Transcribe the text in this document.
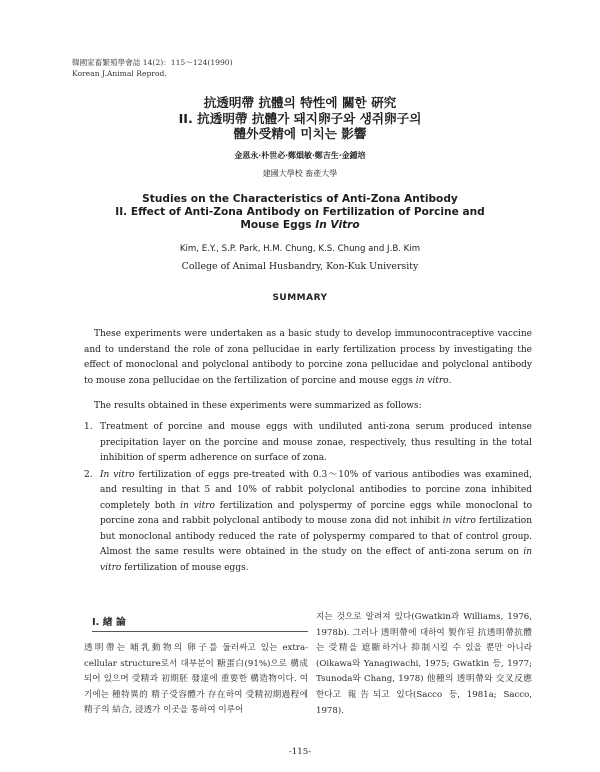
韓國家畜繁殖學會誌 14(2)：115～124(1990)
Korean J.Animal Reprod.
抗透明帶 抗體의 特性에 關한 硏究
II. 抗透明帶 抗體가 돼지卵子와 생쥐卵子의
體外受精에 미치는 影響
金恩永·朴世必·鄭熉敏·鄭吉生·金鍾培
建國大學校 畜產大學
Studies on the Characteristics of Anti-Zona Antibody
II. Effect of Anti-Zona Antibody on Fertilization of Porcine and
Mouse Eggs In Vitro
Kim, E.Y., S.P. Park, H.M. Chung, K.S. Chung and J.B. Kim
College of Animal Husbandry, Kon-Kuk University
SUMMARY

These experiments were undertaken as a basic study to develop immunocontraceptive vaccine and to understand the role of zona pellucidae in early fertilization process by investigating the effect of monoclonal and polyclonal antibody to porcine zona pellucidae and polyclonal antibody to mouse zona pellucidae on the fertilization of porcine and mouse eggs in vitro.

The results obtained in these experiments were summarized as follows:

1. Treatment of porcine and mouse eggs with undiluted anti-zona serum produced intense precipitation layer on the porcine and mouse zonae, respectively, thus resulting in the total inhibition of sperm adherence on surface of zona.
2. In vitro fertilization of eggs pre-treated with 0.3～10% of various antibodies was examined, and resulting in that 5 and 10% of rabbit polyclonal antibodies to porcine zona inhibited completely both in vitro fertilization and polyspermy of porcine eggs while monoclonal to porcine zona and rabbit polyclonal antibody to mouse zona did not inhibit in vitro fertilization but monoclonal antibody reduced the rate of polyspermy compared to that of control group. Almost the same results were obtained in the study on the effect of anti-zona serum on in vitro fertilization of mouse eggs.
I. 緖 論
透明帶는 哺乳動物의 卵子를 둘러싸고 있는 extra-cellular structure로서 대부분이 糖蛋白(91%)으로 構成되어 있으며 受精과 初期胚 發達에 重要한 構造物이다. 여기에는 種特異的 精子受容體가 存在하여 受精初期過程에 精子의 結合, 浸透가 이곳을 통하여 이루어
지는 것으로 알려져 있다(Gwatkin과 Williams, 1976, 1978b). 그러나 透明帶에 대하여 製作된 抗透明帶抗體는 受精을 遮斷하거나 抑制시킬 수 있을 뿐만 아니라(Oikawa와 Yanagiwachi, 1975; Gwatkin 등, 1977; Tsunoda와 Chang, 1978) 他種의 透明帶와 交叉反應한다고 報告되고 있다(Sacco 등, 1981a; Sacco, 1978).
-115-
